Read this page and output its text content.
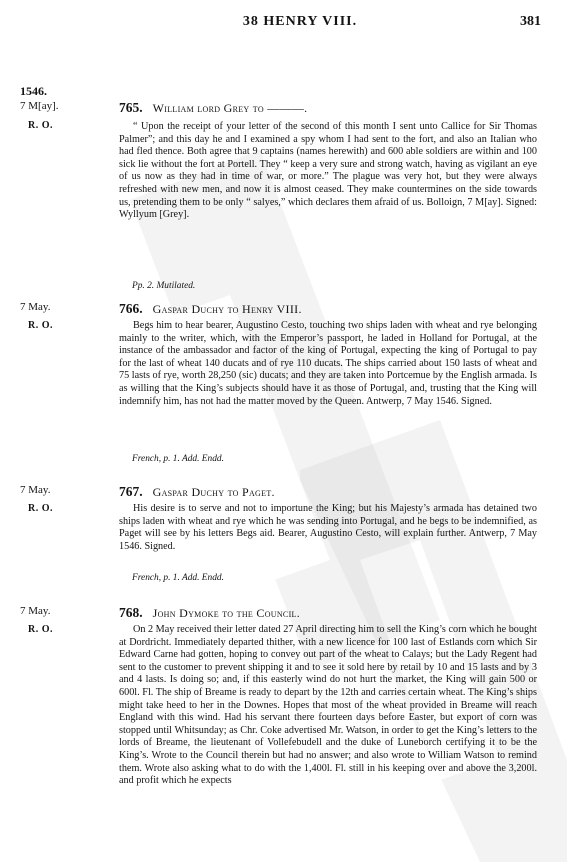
38 HENRY VIII.	381
1546.
7 M[ay].
R. O.
765. William lord Grey to ———.
“ Upon the receipt of your letter of the second of this month I sent unto Callice for Sir Thomas Palmer”; and this day he and I examined a spy whom I had sent to the fort, and also an Italian who had fled thence. Both agree that 9 captains (names herewith) and 600 able soldiers are within and 100 sick lie without the fort at Portell. They “ keep a very sure and strong watch, having as vigilant an eye of us now as they had in time of war, or more.” The plague was very hot, but they were always refreshed with new men, and now it is almost ceased. They make countermines on the side towards us, pretending them to be only “ salyes,” which declares them afraid of us. Bolloign, 7 M[ay]. Signed: Wyllyum [Grey].
Pp. 2. Mutilated.
7 May.
R. O.
766. Gaspar Duchy to Henry VIII.
Begs him to hear bearer, Augustino Cesto, touching two ships laden with wheat and rye belonging mainly to the writer, which, with the Emperor’s passport, he laded in Holland for Portugal, at the instance of the ambassador and factor of the king of Portugal, expecting the king of Portugal to pay for the last of wheat 140 ducats and of rye 110 ducats. The ships carried about 150 lasts of wheat and 75 lasts of rye, worth 28,250 (sic) ducats; and they are taken into Portcemue by the English armada. Is as willing that the King’s subjects should have it as those of Portugal, and, trusting that the King will indemnify him, has not had the matter moved by the Queen. Antwerp, 7 May 1546. Signed.
French, p. 1. Add. Endd.
7 May.
R. O.
767. Gaspar Duchy to Paget.
His desire is to serve and not to importune the King; but his Majesty’s armada has detained two ships laden with wheat and rye which he was sending into Portugal, and he begs to be indemnified, as Paget will see by his letters Begs aid. Bearer, Augustino Cesto, will explain further. Antwerp, 7 May 1546. Signed.
French, p. 1. Add. Endd.
7 May.
R. O.
768. John Dymoke to the Council.
On 2 May received their letter dated 27 April directing him to sell the King’s corn which he bought at Dordricht. Immediately departed thither, with a new licence for 100 last of Estlands corn which Sir Edward Carne had gotten, hoping to convey out part of the wheat to Calays; but the Lady Regent had sent to the customer to prevent shipping it and to see it sold here by retail by 10 and 15 lasts and by 3 and 4 lasts. Is doing so; and, if this easterly wind do not hurt the market, the King will gain 500 or 600l. Fl. The ship of Breame is ready to depart by the 12th and carries certain wheat. The King’s ships might take heed to her in the Downes. Hopes that most of the wheat provided in Breame will reach England with this wind. Had his servant there fourteen days before Easter, but export of corn was stopped until Whitsunday; as Chr. Coke advertised Mr. Watson, in order to get the King’s letters to the lords of Breame, the lieutenant of Vollefebudell and the duke of Luneborch certifying it to be the King’s. Wrote to the Council therein but had no answer; and also wrote to William Watson to remind them. Wrote also asking what to do with the 1,400l. Fl. still in his keeping over and above the 3,200l. and profit which he expects
